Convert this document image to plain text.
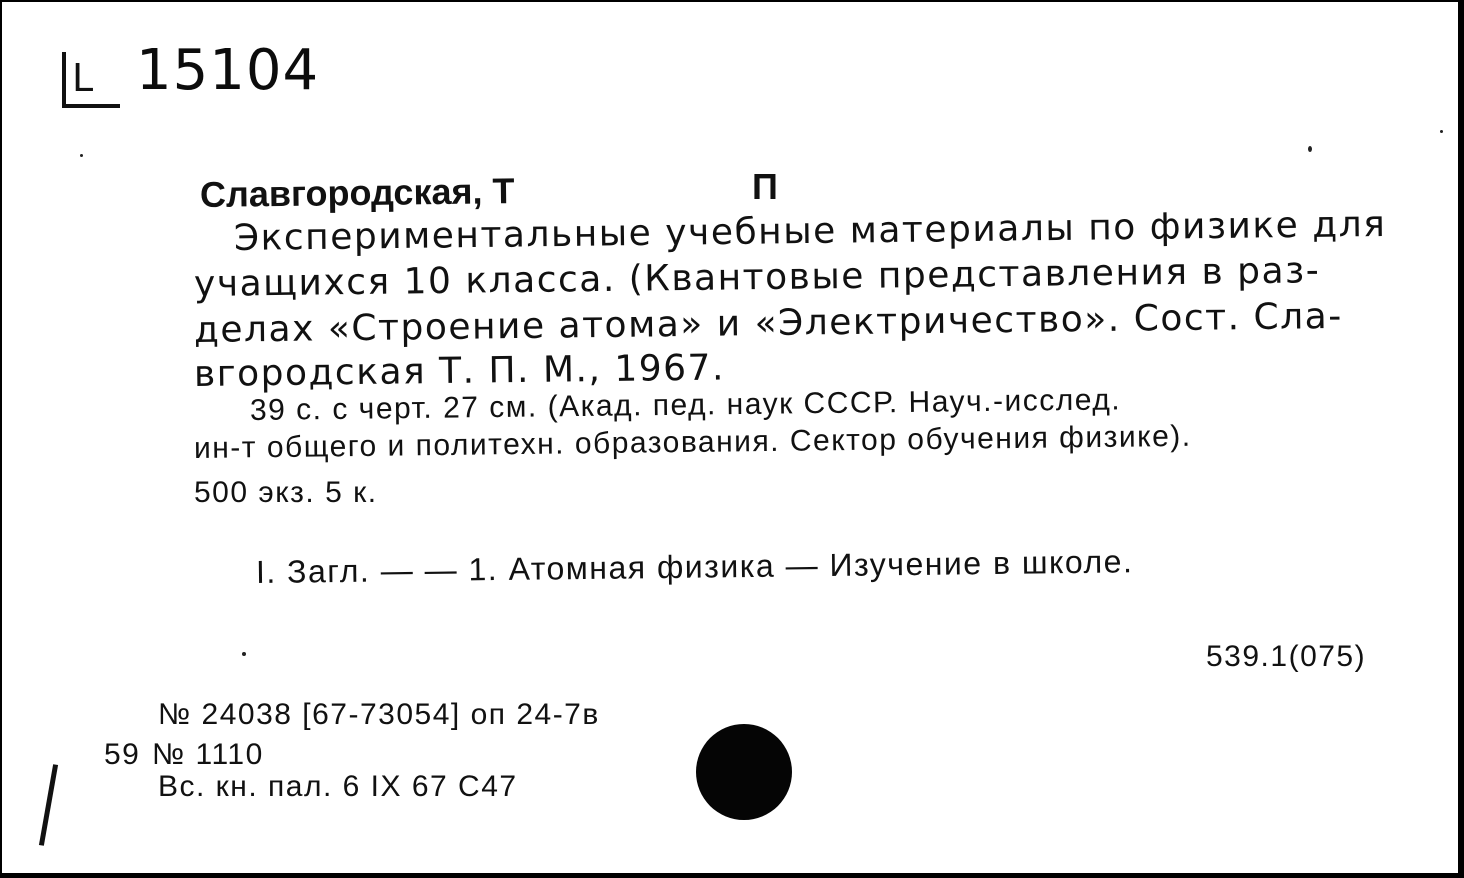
L 15104
Славгородская, Т	П
Экспериментальные учебные материалы по физике для
учащихся 10 класса. (Квантовые представления в раз-
делах «Строение атома» и «Электричество». Сост. Сла-
вгородская Т. П. М., 1967.
39 с. с черт. 27 см. (Акад. пед. наук СССР. Науч.-исслед.
ин-т общего и политехн. образования. Сектор обучения физике).
500 экз. 5 к.
I. Загл. — — 1. Атомная физика — Изучение в школе.
539.1(075)
№ 24038 [67-73054] оп 24-7в
59 № 1110
Вс. кн. пал. 6 IX 67 С47
